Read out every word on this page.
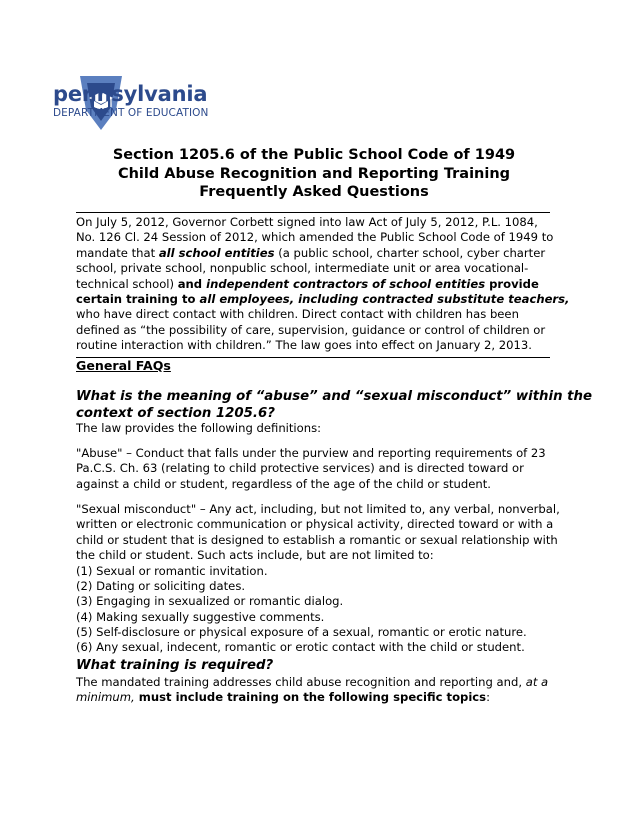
pennsylvania
DEPARTMENT OF EDUCATION
Section 1205.6 of the Public School Code of 1949
Child Abuse Recognition and Reporting Training
Frequently Asked Questions
On July 5, 2012, Governor Corbett signed into law Act of July 5, 2012, P.L. 1084,
No. 126 Cl. 24 Session of 2012, which amended the Public School Code of 1949 to
mandate that all school entities (a public school, charter school, cyber charter
school, private school, nonpublic school, intermediate unit or area vocational-
technical school) and independent contractors of school entities provide
certain training to all employees, including contracted substitute teachers,
who have direct contact with children. Direct contact with children has been
defined as “the possibility of care, supervision, guidance or control of children or
routine interaction with children.” The law goes into effect on January 2, 2013.
General FAQs
What is the meaning of “abuse” and “sexual misconduct” within the
context of section 1205.6?
The law provides the following definitions:
"Abuse" – Conduct that falls under the purview and reporting requirements of 23
Pa.C.S. Ch. 63 (relating to child protective services) and is directed toward or
against a child or student, regardless of the age of the child or student.
"Sexual misconduct" – Any act, including, but not limited to, any verbal, nonverbal,
written or electronic communication or physical activity, directed toward or with a
child or student that is designed to establish a romantic or sexual relationship with
the child or student. Such acts include, but are not limited to:
(1) Sexual or romantic invitation.
(2) Dating or soliciting dates.
(3) Engaging in sexualized or romantic dialog.
(4) Making sexually suggestive comments.
(5) Self-disclosure or physical exposure of a sexual, romantic or erotic nature.
(6) Any sexual, indecent, romantic or erotic contact with the child or student.
What training is required?
The mandated training addresses child abuse recognition and reporting and, at a
minimum, must include training on the following specific topics:
